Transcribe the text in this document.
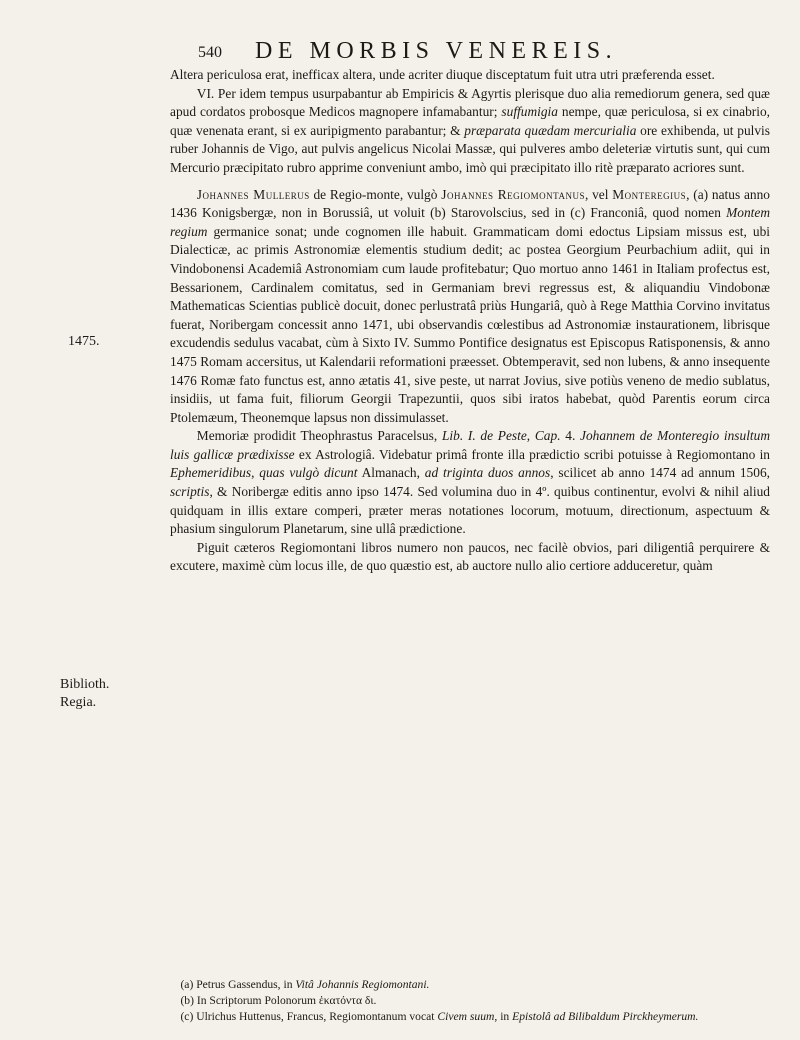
540 DE MORBIS VENEREIS.
1475.
Biblioth.
Regia.

Altera periculosa erat, inefficax altera, unde acriter diuque disceptatum fuit utra utri præferenda esset.

VI. Per idem tempus usurpabantur ab Empiricis & Agyrtis plerisque duo alia remediorum genera, sed quæ apud cordatos probosque Medicos magnopere infamabantur; suffumigia nempe, quæ periculosa, si ex cinabrio, quæ venenata erant, si ex auripigmento parabantur; & præparata quædam mercurialia ore exhibenda, ut pulvis ruber Johannis de Vigo, aut pulvis angelicus Nicolai Massæ, qui pulveres ambo deleteriæ virtutis sunt, qui cum Mercurio præcipitato rubro apprime conveniunt ambo, imò qui præcipitato illo ritè præparato acriores sunt.

Johannes Mullerus de Regio-monte, vulgò Johannes Regiomontanus, vel Monteregius, (a) natus anno 1436 Konigsbergæ, non in Borussiâ, ut voluit (b) Starovolscius, sed in (c) Franconiâ, quod nomen Montem regium germanice sonat; unde cognomen ille habuit. Grammaticam domi edoctus Lipsiam missus est, ubi Dialecticæ, ac primis Astronomiæ elementis studium dedit; ac postea Georgium Peurbachium adiit, qui in Vindobonensi Academiâ Astronomiam cum laude profitebatur; Quo mortuo anno 1461 in Italiam profectus est, Bessarionem, Cardinalem comitatus, sed in Germaniam brevi regressus est, & aliquandiu Vindobonæ Mathematicas Scientias publicè docuit, donec perlustratâ priùs Hungariâ, quò à Rege Matthia Corvino invitatus fuerat, Noribergam concessit anno 1471, ubi observandis cœlestibus ad Astronomiæ instaurationem, librisque excudendis sedulus vacabat, cùm à Sixto IV. Summo Pontifice designatus est Episcopus Ratisponensis, & anno 1475 Romam accersitus, ut Kalendarii reformationi præesset. Obtemperavit, sed non lubens, & anno insequente 1476 Romæ fato functus est, anno ætatis 41, sive peste, ut narrat Jovius, sive potiùs veneno de medio sublatus, insidiis, ut fama fuit, filiorum Georgii Trapezuntii, quos sibi iratos habebat, quòd Parentis eorum circa Ptolemæum, Theonemque lapsus non dissimulasset.

Memoriæ prodidit Theophrastus Paracelsus, Lib. I. de Peste, Cap. 4. Johannem de Monteregio insultum luis gallicæ prædixisse ex Astrologiâ. Videbatur primâ fronte illa prædictio scribi potuisse à Regiomontano in Ephemeridibus, quas vulgò dicunt Almanach, ad triginta duos annos, scilicet ab anno 1474 ad annum 1506, scriptis, & Noribergæ editis anno ipso 1474. Sed volumina duo in 4º. quibus continentur, evolvi & nihil aliud quidquam in illis extare comperi, præter meras notationes locorum, motuum, directionum, aspectuum & phasium singulorum Planetarum, sine ullâ prædictione.

Piguit cæteros Regiomontani libros numero non paucos, nec facilè obvios, pari diligentiâ perquirere & excutere, maximè cùm locus ille, de quo quæstio est, ab auctore nullo alio certiore adduceretur, quàm

(a) Petrus Gassendus, in Vitâ Johannis Regiomontani.
(b) In Scriptorum Polonorum ἑκατόντα δι.
(c) Ulrichus Huttenus, Francus, Regiomontanum vocat Civem suum, in Epistolâ ad Bilibaldum Pirckheymerum.
